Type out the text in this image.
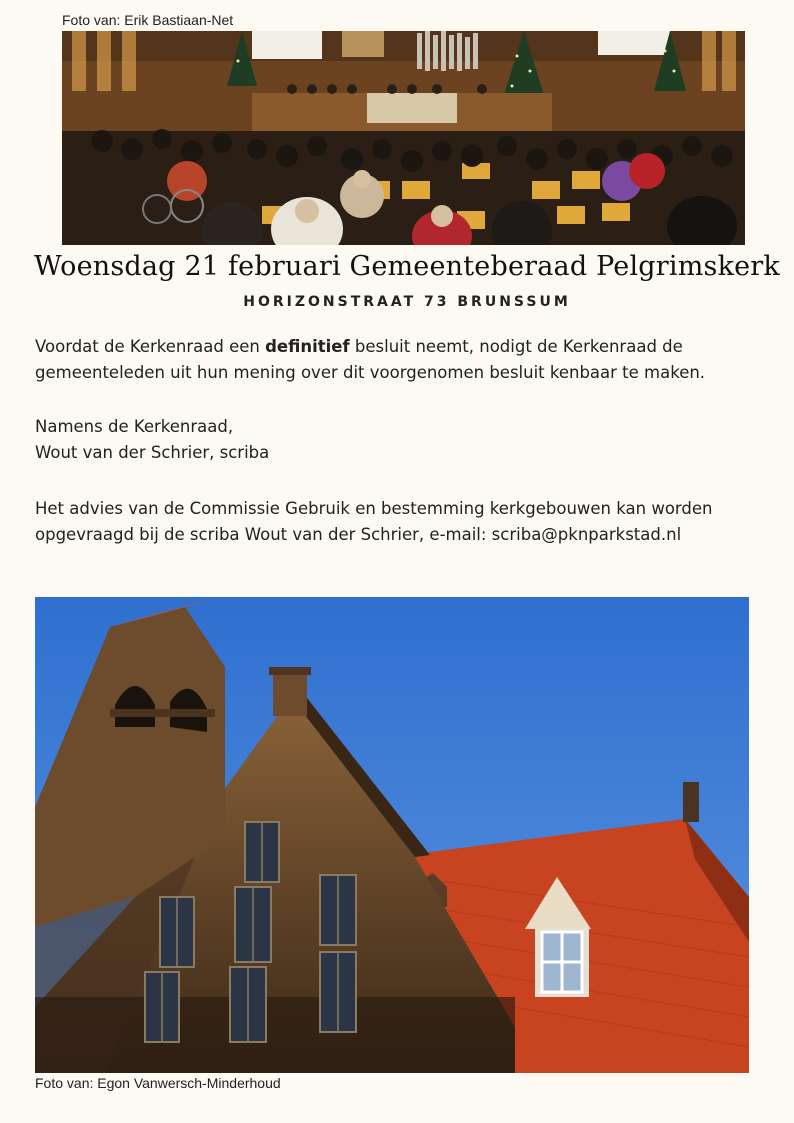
Foto van: Erik Bastiaan-Net
Woensdag 21 februari Gemeenteberaad Pelgrimskerk
HORIZONSTRAAT 73 BRUNSSUM
Voordat de Kerkenraad een definitief besluit neemt, nodigt de Kerkenraad de gemeenteleden uit hun mening over dit voorgenomen besluit kenbaar te maken.
Namens de Kerkenraad,
Wout van der Schrier, scriba
Het advies van de Commissie Gebruik en bestemming kerkgebouwen kan worden opgevraagd bij de scriba Wout van der Schrier, e-mail: scriba@pknparkstad.nl
Foto van: Egon Vanwersch-Minderhoud
